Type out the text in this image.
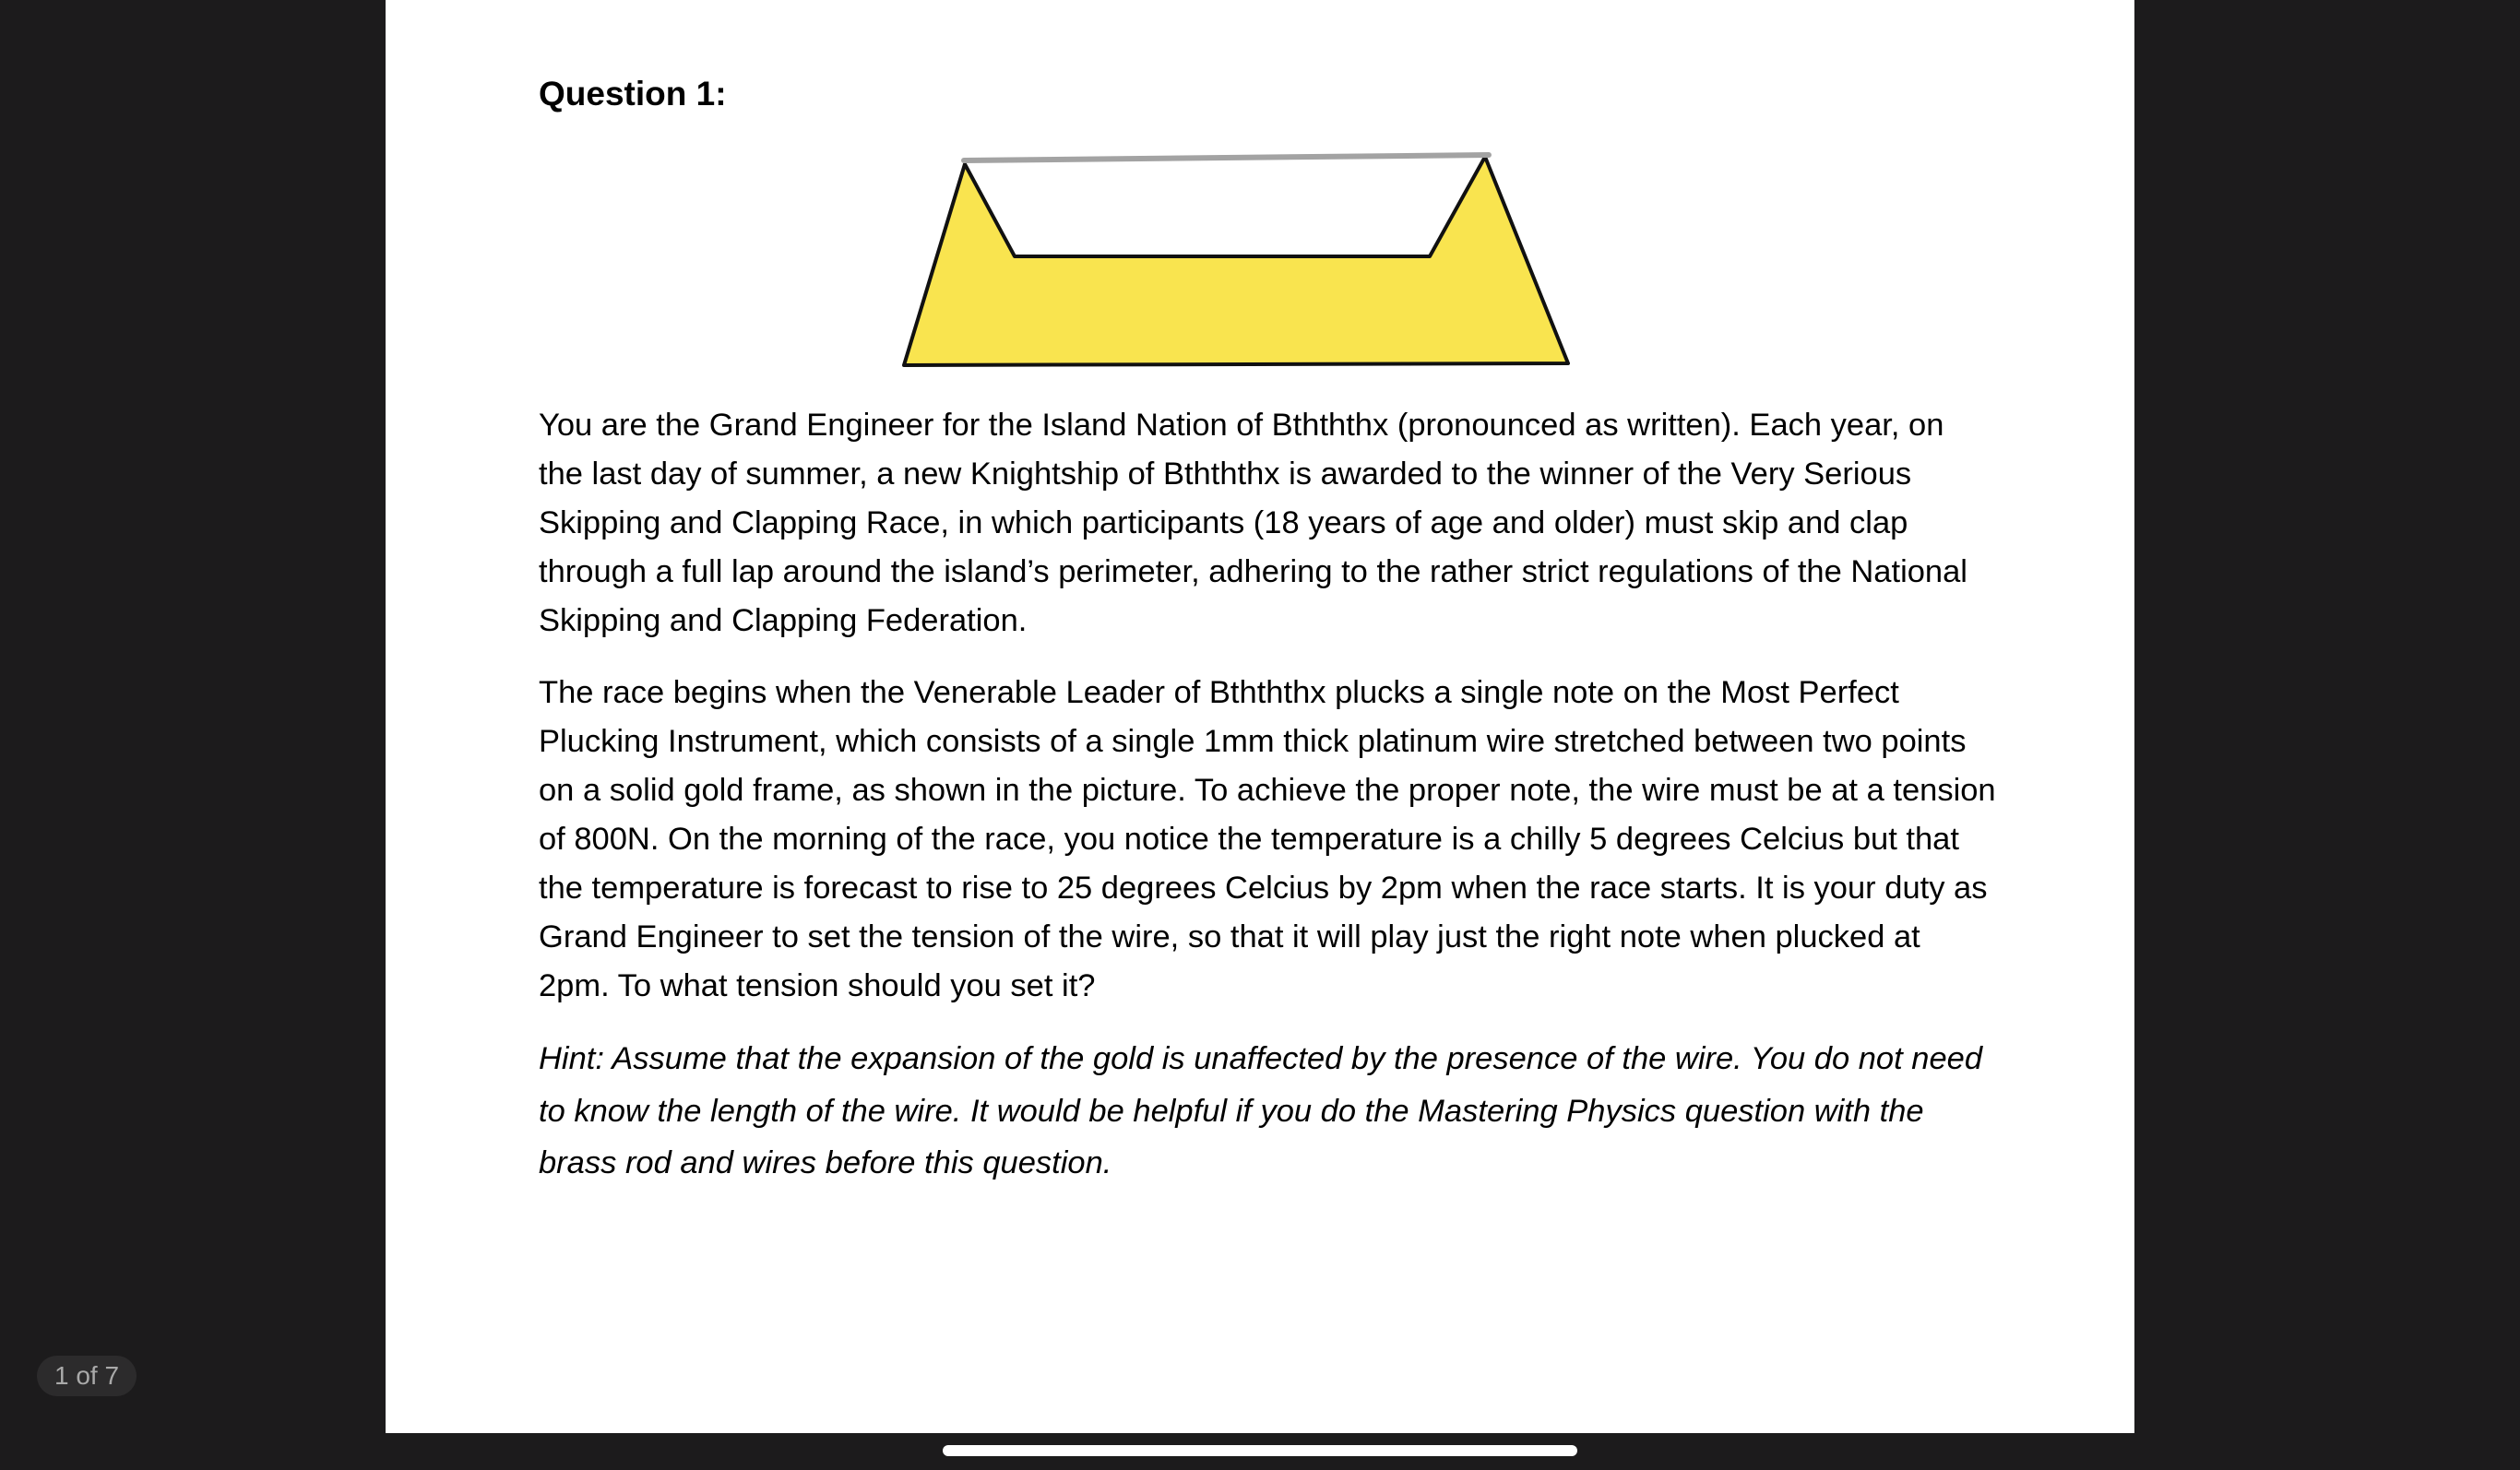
Question 1:

You are the Grand Engineer for the Island Nation of Bthththx (pronounced as written). Each year, on the last day of summer, a new Knightship of Bthththx is awarded to the winner of the Very Serious Skipping and Clapping Race, in which participants (18 years of age and older) must skip and clap through a full lap around the island’s perimeter, adhering to the rather strict regulations of the National Skipping and Clapping Federation.

The race begins when the Venerable Leader of Bthththx plucks a single note on the Most Perfect Plucking Instrument, which consists of a single 1mm thick platinum wire stretched between two points on a solid gold frame, as shown in the picture. To achieve the proper note, the wire must be at a tension of 800N. On the morning of the race, you notice the temperature is a chilly 5 degrees Celcius but that the temperature is forecast to rise to 25 degrees Celcius by 2pm when the race starts. It is your duty as Grand Engineer to set the tension of the wire, so that it will play just the right note when plucked at 2pm. To what tension should you set it?

Hint: Assume that the expansion of the gold is unaffected by the presence of the wire. You do not need to know the length of the wire. It would be helpful if you do the Mastering Physics question with the brass rod and wires before this question.

1 of 7
